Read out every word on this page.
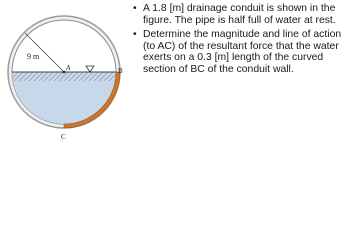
9 m
A	B
C
• A 1.8 [m] drainage conduit is shown in the figure. The pipe is half full of water at rest.
• Determine the magnitude and line of action (to AC) of the resultant force that the water exerts on a 0.3 [m] length of the curved section of BC of the conduit wall.
